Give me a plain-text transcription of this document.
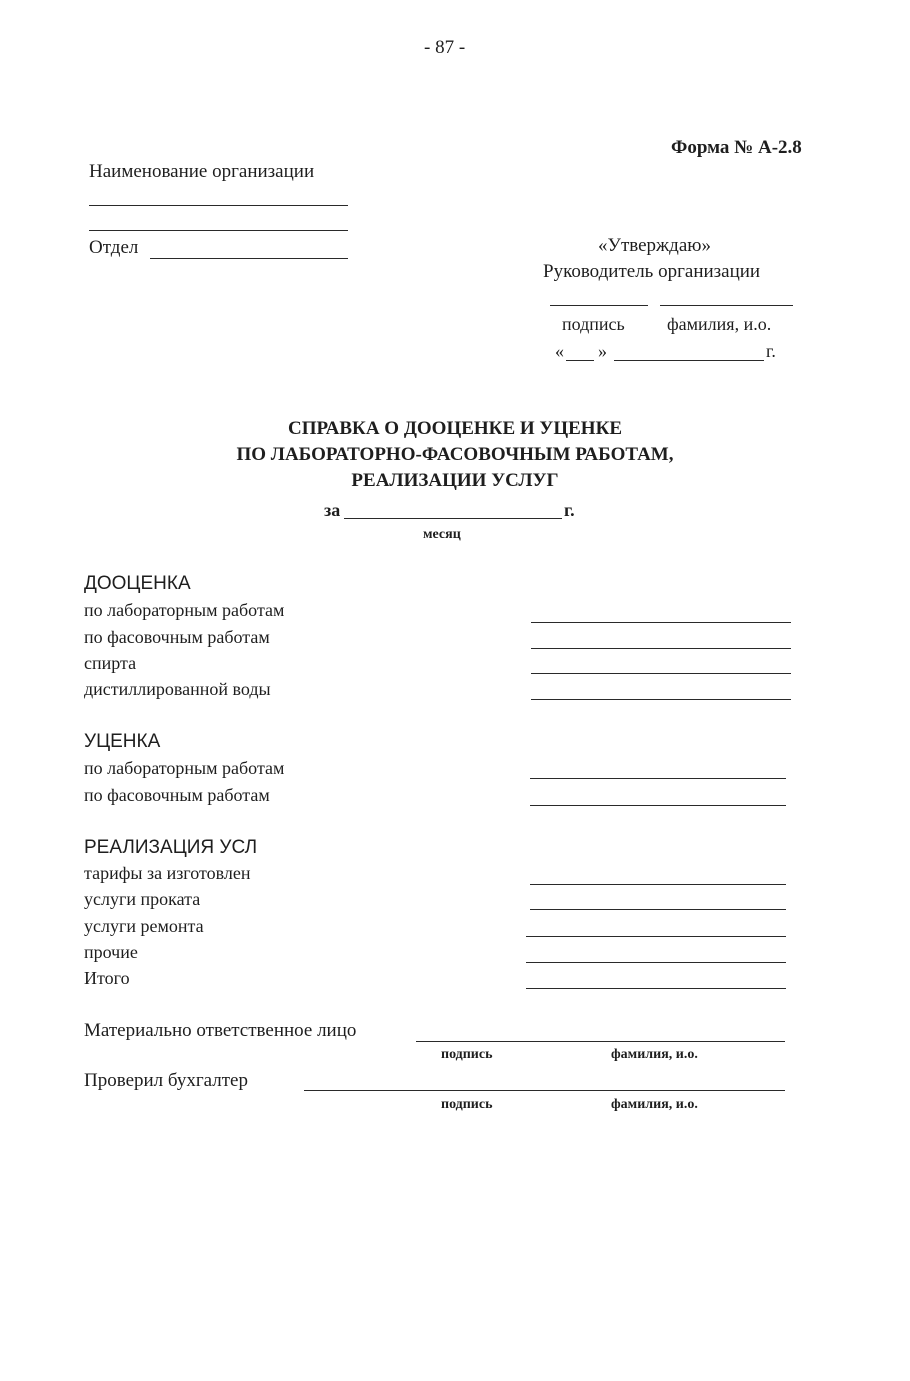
- 87 -
Форма № А-2.8
Наименование организации
Отдел	«Утверждаю»
Руководитель организации
подпись фамилия, и.о.
« »	г.
СПРАВКА О ДООЦЕНКЕ И УЦЕНКЕ
ПО ЛАБОРАТОРНО-ФАСОВОЧНЫМ РАБОТАМ,
РЕАЛИЗАЦИИ УСЛУГ
за	г.
месяц
ДООЦЕНКА
по лабораторным работам
по фасовочным работам
спирта
дистиллированной воды
УЦЕНКА
по лабораторным работам
по фасовочным работам
РЕАЛИЗАЦИЯ УСЛ
тарифы за изготовлен
услуги проката
услуги ремонта
прочие
Итого
Материально ответственное лицо
подпись	фамилия, и.о.
Проверил бухгалтер
подпись	фамилия, и.о.
